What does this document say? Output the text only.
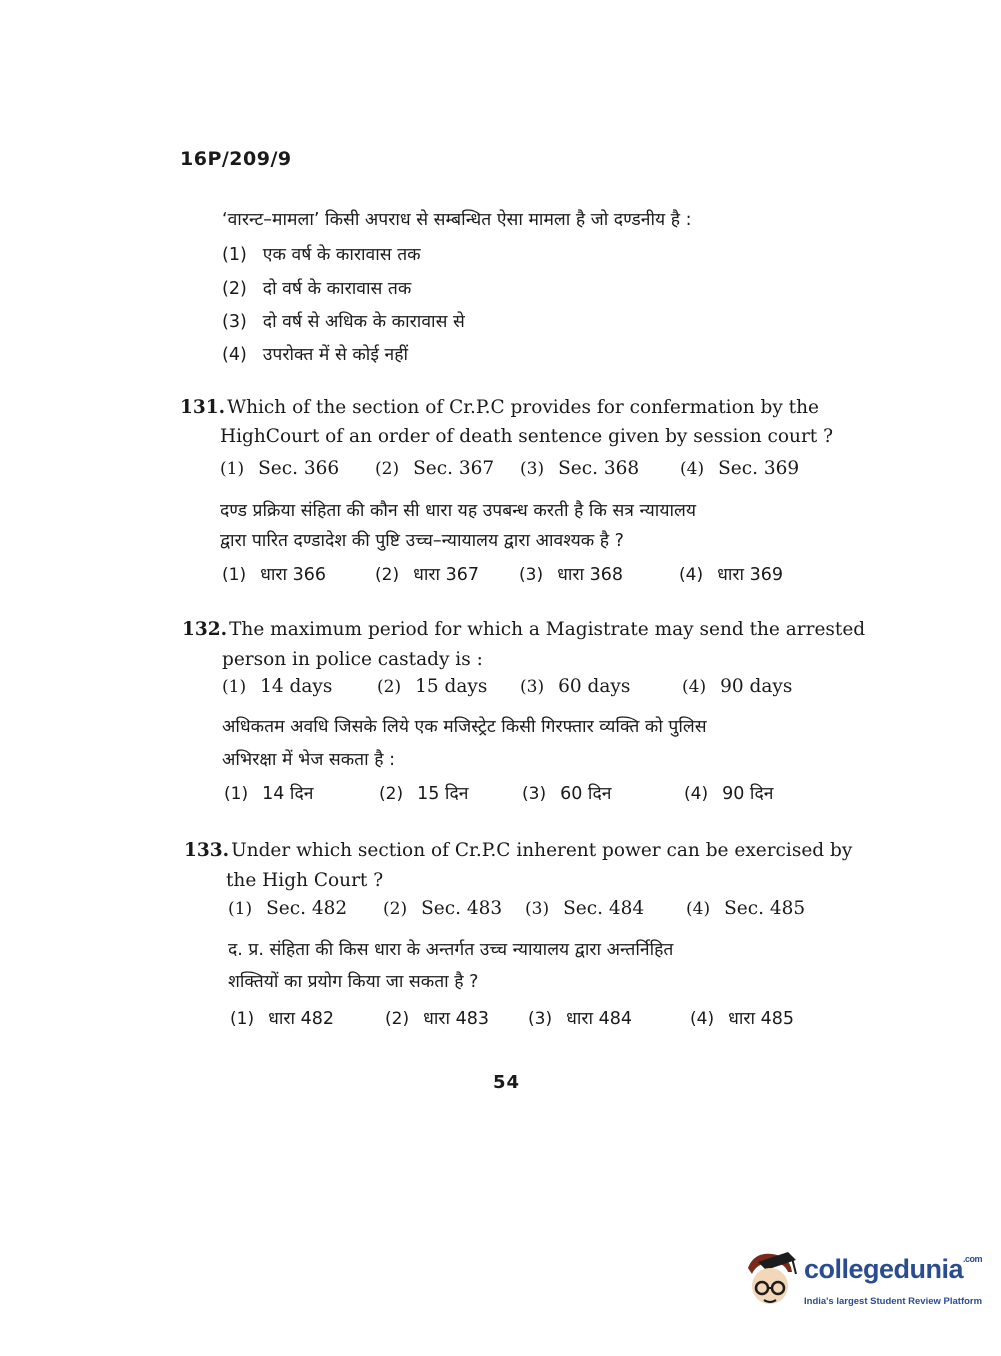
16P/209/9
‘वारन्ट–मामला’ किसी अपराध से सम्बन्धित ऐसा मामला है जो दण्डनीय है :
(1) एक वर्ष के कारावास तक
(2) दो वर्ष के कारावास तक
(3) दो वर्ष से अधिक के कारावास से
(4) उपरोक्त में से कोई नहीं
131. Which of the section of Cr.P.C provides for confermation by the
HighCourt of an order of death sentence given by session court ?
(1) Sec. 366 (2) Sec. 367 (3) Sec. 368 (4) Sec. 369
दण्ड प्रक्रिया संहिता की कौन सी धारा यह उपबन्ध करती है कि सत्र न्यायालय
द्वारा पारित दण्डादेश की पुष्टि उच्च–न्यायालय द्वारा आवश्यक है ?
(1) धारा 366	(2) धारा 367 (3) धारा 368	(4) धारा 369
132. The maximum period for which a Magistrate may send the arrested
person in police castady is :
(1) 14 days	(2) 15 days (3) 60 days	(4) 90 days
अधिकतम अवधि जिसके लिये एक मजिस्ट्रेट किसी गिरफ्तार व्यक्ति को पुलिस
अभिरक्षा में भेज सकता है :
(1) 14 दिन	(2) 15 दिन	(3) 60 दिन	(4) 90 दिन
133. Under which section of Cr.P.C inherent power can be exercised by
the High Court ?
(1) Sec. 482 (2) Sec. 483 (3) Sec. 484 (4) Sec. 485
द. प्र. संहिता की किस धारा के अन्तर्गत उच्च न्यायालय द्वारा अन्तर्निहित
शक्तियों का प्रयोग किया जा सकता है ?
(1) धारा 482	(2) धारा 483 (3) धारा 484	(4) धारा 485
54
collegedunia$^{.com}$
India's largest Student Review Platform
